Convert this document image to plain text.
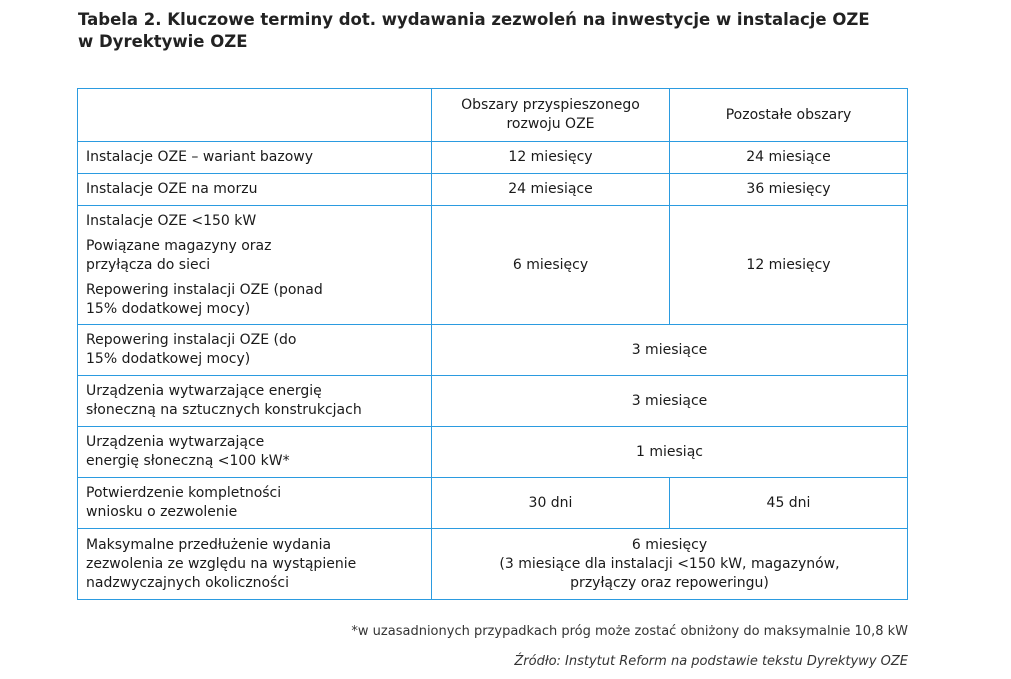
Tabela 2. Kluczowe terminy dot. wydawania zezwoleń na inwestycje w instalacje OZE
w Dyrektywie OZE

	Obszary przyspieszonego
rozwoju OZE	Pozostałe obszary
Instalacje OZE – wariant bazowy	12 miesięcy	24 miesiące
Instalacje OZE na morzu	24 miesiące	36 miesięcy

Instalacje OZE <150 kW
Powiązane magazyny oraz
przyłącza do sieci
Repowering instalacji OZE (ponad
15% dodatkowej mocy)	6 miesięcy	12 miesięcy

Repowering instalacji OZE (do
15% dodatkowej mocy)	3 miesiące	

Urządzenia wytwarzające energię
słoneczną na sztucznych konstrukcjach	3 miesiące	

Urządzenia wytwarzające
energię słoneczną <100 kW*	1 miesiąc	

Potwierdzenie kompletności
wniosku o zezwolenie	30 dni	45 dni

Maksymalne przedłużenie wydania
zezwolenia ze względu na wystąpienie
nadzwyczajnych okoliczności	6 miesięcy
(3 miesiące dla instalacji <150 kW, magazynów,
przyłączy oraz repoweringu)	
*w uzasadnionych przypadkach próg może zostać obniżony do maksymalnie 10,8 kW
Źródło: Instytut Reform na podstawie tekstu Dyrektywy OZE
